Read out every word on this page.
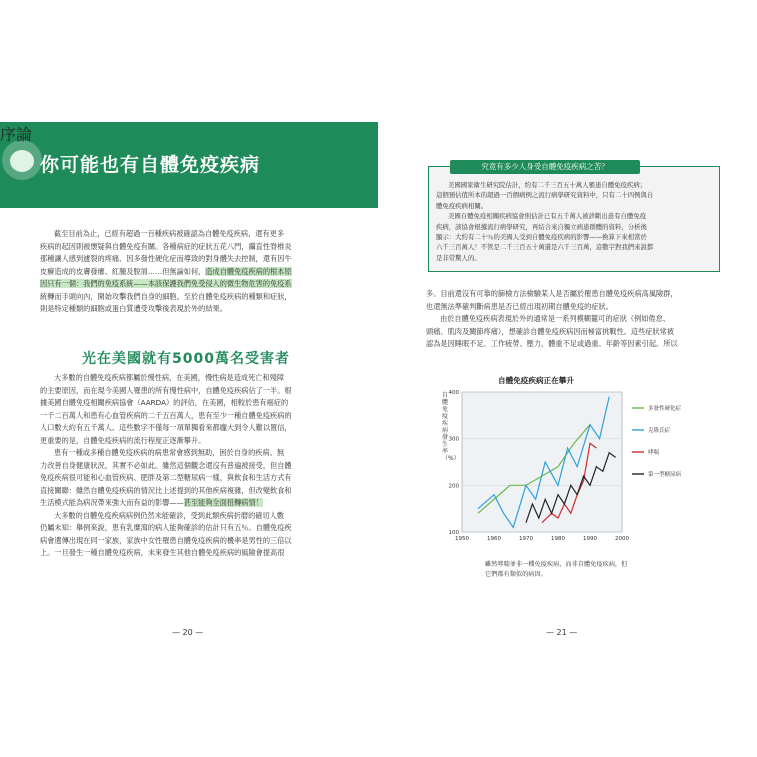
序論
你可能也有自體免疫疾病
截至目前為止，已經有超過一百種疾病被確認為自體免疫疾病，還有更多
疾病的起因則被懷疑與自體免疫有關。各種病症的症狀五花八門，攝直性脊椎炎
那種讓人感到遽裂的疼痛、因多發性硬化症而導致的對身體失去控制，還有因牛
皮癬造成的皮膚發癢、紅腫及脫屑……但無論如何，造成自體免疫疾病的根本原
因只有一個：我們的免疫系統——本該保護我們免受侵入的微生物危害的免疫系
統轉而手頭向內，開始攻擊我們自身的細胞。至於自體免疫疾病的種類和症狀，
則是特定種類的細胞或蛋白質遭受攻擊後表現於外的結果。
光在美國就有5000萬名受害者
大多數的自體免疫疾病都屬於慢性病，在美國，慢性病是造成死亡和殘障
的主要原因，而在現今美國人罹患的所有慢性病中，自體免疫疾病佔了一半。根
據美國自體免疫相關疾病協會（AARDA）的評估，在美國，相較於患有癌症的
一千二百萬人和患有心血管疾病的二千五百萬人，患有至少一種自體免疫疾病的
人口數大約有五千萬人。這些數字不僅每一項單獨看來都龐大到令人難以置信，
更重要的是，自體免疫疾病的流行程度正逐漸攀升。
患有一種或多種自體免疫疾病的病患常會感到無助，困於自身的疾病、無
力改善自身健康狀況，其實不必如此。雖然這個觀念還沒有普遍被接受，但自體
免疫疾病很可能和心血管疾病、肥胖及第二型糖尿病一樣，與飲食和生活方式有
直接關聯：雖然自體免疫疾病的情況比上述提到的其他疾病複雜，但改變飲食和
生活模式能為病況帶來強大而有益的影響——甚至能夠全面扭轉病情！
大多數的自體免疫疾病病例仍然未能確診，受到此類疾病折磨的確切人數
仍屬未知：舉例來說，患有乳糜瀉的病人能夠確診的估計只有五％。自體免疫疾
病會遺傳出現在同一家族，家族中女性罹患自體免疫疾病的機率是男性的三倍以
上。一旦發生一種自體免疫疾病，未來發生其他自體免疫疾病的風險會提高很
— 20 —
究竟有多少人身受自體免疫疾病之苦？
美國國家衛生研究院估計，約有二千三百五十萬人罹患自體免疫疾病；
這個預估值所本的超過一百個病例之流行病學研究資料中，只有二十四例與自
體免疫疾病相關。
美國自體免疫相關疾病協會則估計已有五千萬人被診斷出患有自體免疫
疾病，該協會根據流行病學研究，再結合來自獨立病患群體的資料，分析後
顯示：大約有二十％的美國人受到自體免疫疾病的影響——換算下來相當於
六千三百萬人！不管是二千三百五十萬還是六千三百萬，這數字對我們來說都
是非常驚人的。
多。目前還沒有可靠的篩檢方法檢驗某人是否屬於罹患自體免疫疾病高風險群，
也還無法準確判斷病患是否已經出現初期自體免疫的症狀。
由於自體免疫疾病表現於外的通常是一系列模糊籠可的症狀（例如倦怠、
頭痛、肌肉及關節疼痛），想確診自體免疫疾病因而極富挑戰性。這些症狀常被
認為是因睡眠不足、工作疲勞、壓力，體重不足或過重、年齡等因素引起。所以
自體免疫疾病正在攀升
自體免疫疾病發生率（%）
100
200
300
400
1950	1960	1970	1980	1990	2000
多發性硬化症
克隆氏症
哮喘
第一型糖尿病
雖然哮喘並非一種免疫疾病，而非自體免疫疾病，但
它們都有類似的病因。
— 21 —
